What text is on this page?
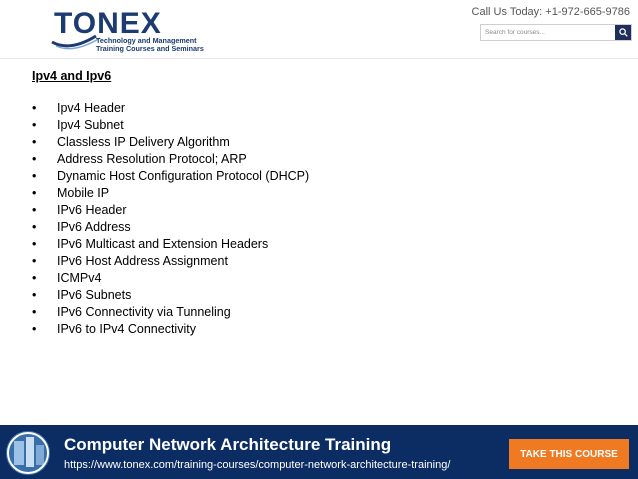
TONEX
Technology and Management
Training Courses and Seminars
Call Us Today: +1-972-665-9786
Search for courses...
Ipv4 and Ipv6
• Ipv4 Header
• Ipv4 Subnet
• Classless IP Delivery Algorithm
• Address Resolution Protocol; ARP
• Dynamic Host Configuration Protocol (DHCP)
• Mobile IP
• IPv6 Header
• IPv6 Address
• IPv6 Multicast and Extension Headers
• IPv6 Host Address Assignment
• ICMPv4
• IPv6 Subnets
• IPv6 Connectivity via Tunneling
• IPv6 to IPv4 Connectivity
Computer Network Architecture Training
https://www.tonex.com/training-courses/computer-network-architecture-training/
TAKE THIS COURSE
